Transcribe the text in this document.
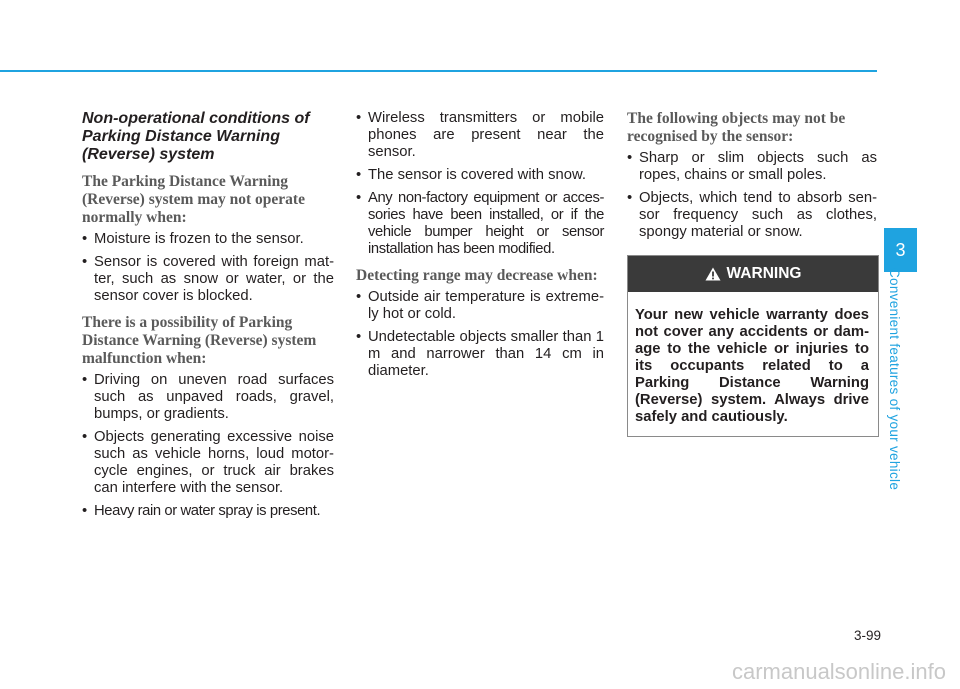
Non-operational conditions of Parking Distance Warning (Reverse) system
The Parking Distance Warning (Reverse) system may not operate normally when:
• Moisture is frozen to the sensor.
• Sensor is covered with foreign mat-ter, such as snow or water, or the sensor cover is blocked.
There is a possibility of Parking Distance Warning (Reverse) system malfunction when:
• Driving on uneven road surfaces such as unpaved roads, gravel, bumps, or gradients.
• Objects generating excessive noise such as vehicle horns, loud motor-cycle engines, or truck air brakes can interfere with the sensor.
• Heavy rain or water spray is present.
• Wireless transmitters or mobile phones are present near the sensor.
• The sensor is covered with snow.
• Any non-factory equipment or acces-sories have been installed, or if the vehicle bumper height or sensor installation has been modified.
Detecting range may decrease when:
• Outside air temperature is extreme-ly hot or cold.
• Undetectable objects smaller than 1 m and narrower than 14 cm in diameter.
The following objects may not be recognised by the sensor:
• Sharp or slim objects such as ropes, chains or small poles.
• Objects, which tend to absorb sen-sor frequency such as clothes, spongy material or snow.
WARNING
Your new vehicle warranty does not cover any accidents or dam-age to the vehicle or injuries to its occupants related to a Parking Distance Warning (Reverse) system. Always drive safely and cautiously.
3
Convenient features of your vehicle
3-99
carmanualsonline.info
